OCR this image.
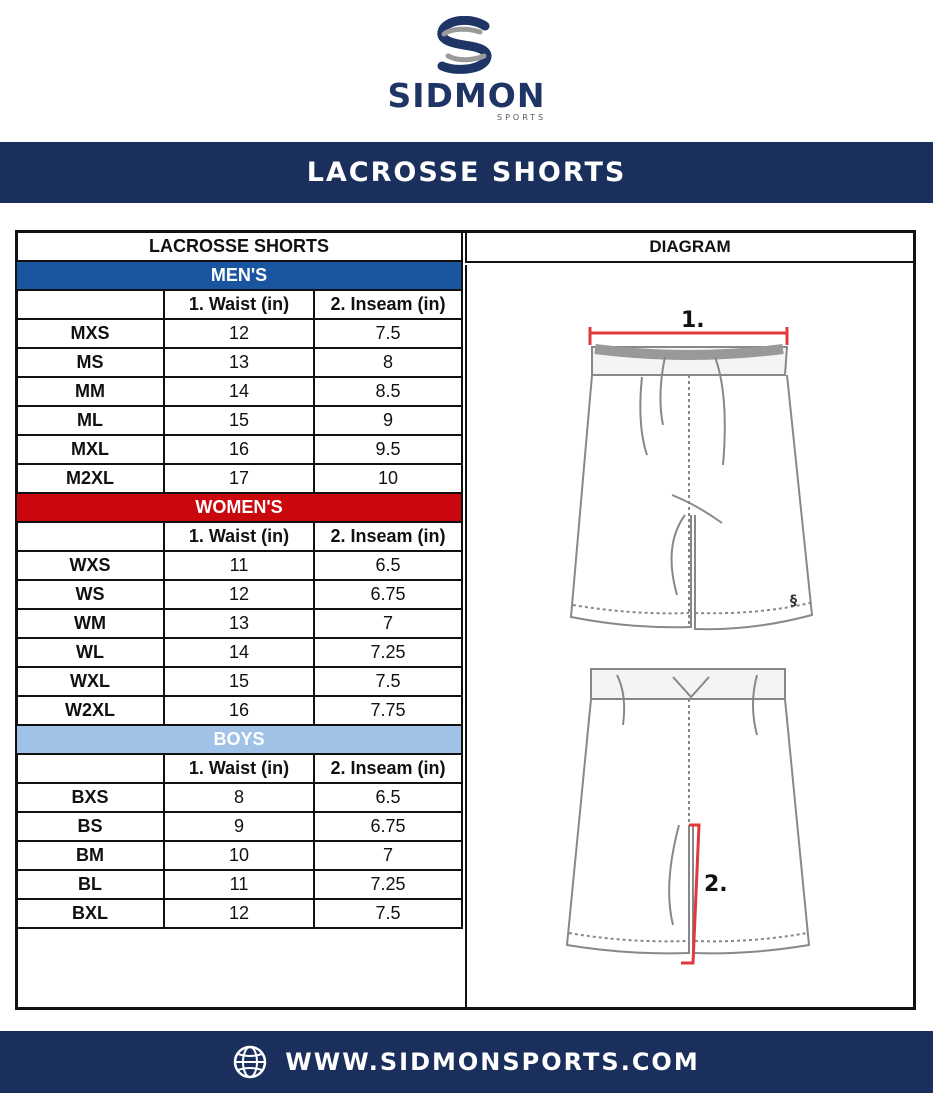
SIDMON
SPORTS
LACROSSE SHORTS
LACROSSE SHORTS		
MEN'S		
	1. Waist (in)	2. Inseam (in)
MXS	12	7.5
MS	13	8
MM	14	8.5
ML	15	9
MXL	16	9.5
M2XL	17	10
WOMEN'S		
	1. Waist (in)	2. Inseam (in)
WXS	11	6.5
WS	12	6.75
WM	13	7
WL	14	7.25
WXL	15	7.5
W2XL	16	7.75
BOYS		
	1. Waist (in)	2. Inseam (in)
BXS	8	6.5
BS	9	6.75
BM	10	7
BL	11	7.25
BXL	12	7.5
DIAGRAM
§
1.
2.
WWW.SIDMONSPORTS.COM
